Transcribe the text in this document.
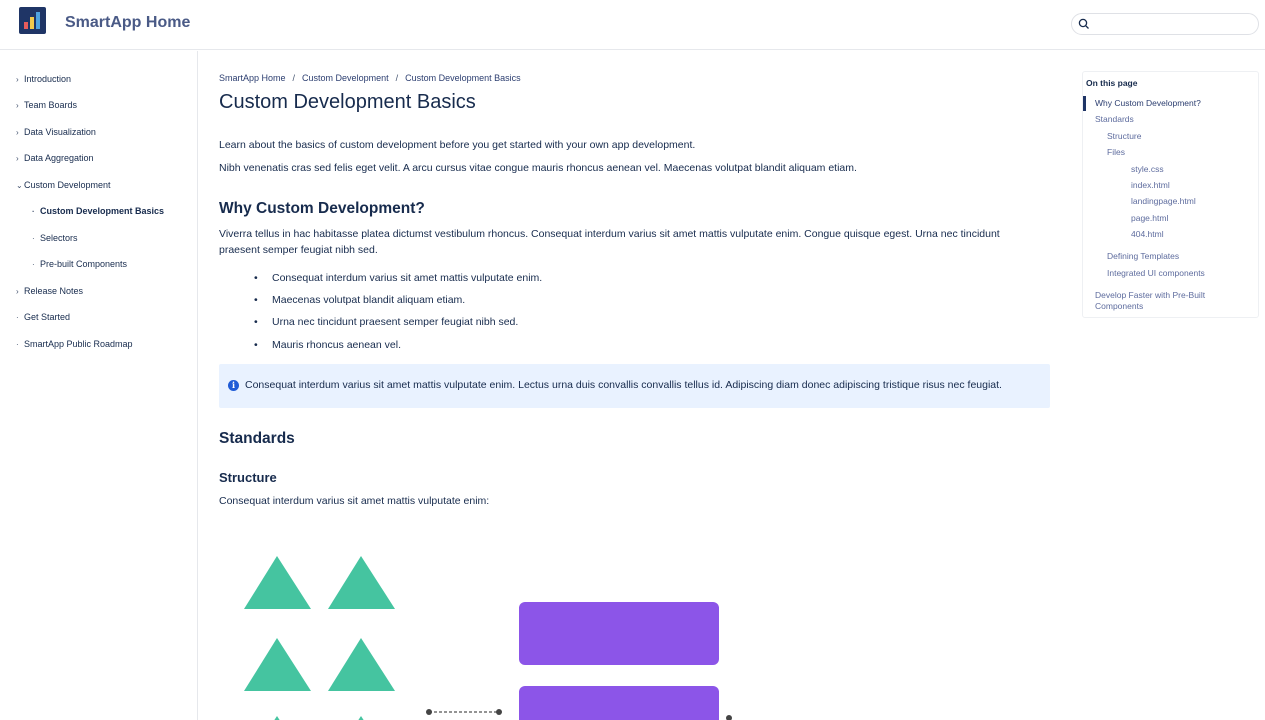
SmartApp Home
› Introduction
› Team Boards
› Data Visualization
› Data Aggregation
⌄Custom Development
· Custom Development Basics
· Selectors
· Pre-built Components
› Release Notes
· Get Started
· SmartApp Public Roadmap
SmartApp Home / Custom Development / Custom Development Basics
Custom Development Basics

Learn about the basics of custom development before you get started with your own app development.

Nibh venenatis cras sed felis eget velit. A arcu cursus vitae congue mauris rhoncus aenean vel. Maecenas volutpat blandit aliquam etiam.

Why Custom Development?

Viverra tellus in hac habitasse platea dictumst vestibulum rhoncus. Consequat interdum varius sit amet mattis vulputate enim. Congue quisque egest. Urna nec tincidunt praesent semper feugiat nibh sed.

• Consequat interdum varius sit amet mattis vulputate enim.
• Maecenas volutpat blandit aliquam etiam.
• Urna nec tincidunt praesent semper feugiat nibh sed.
• Mauris rhoncus aenean vel.
i Consequat interdum varius sit amet mattis vulputate enim. Lectus urna duis convallis convallis tellus id. Adipiscing diam donec adipiscing tristique risus nec feugiat.
Standards
Structure

Consequat interdum varius sit amet mattis vulputate enim:

On this page
Why Custom Development?
Standards
Structure
Files
style.css
index.html
landingpage.html
page.html
404.html
Defining Templates
Integrated UI components
Develop Faster with Pre-Built Components
